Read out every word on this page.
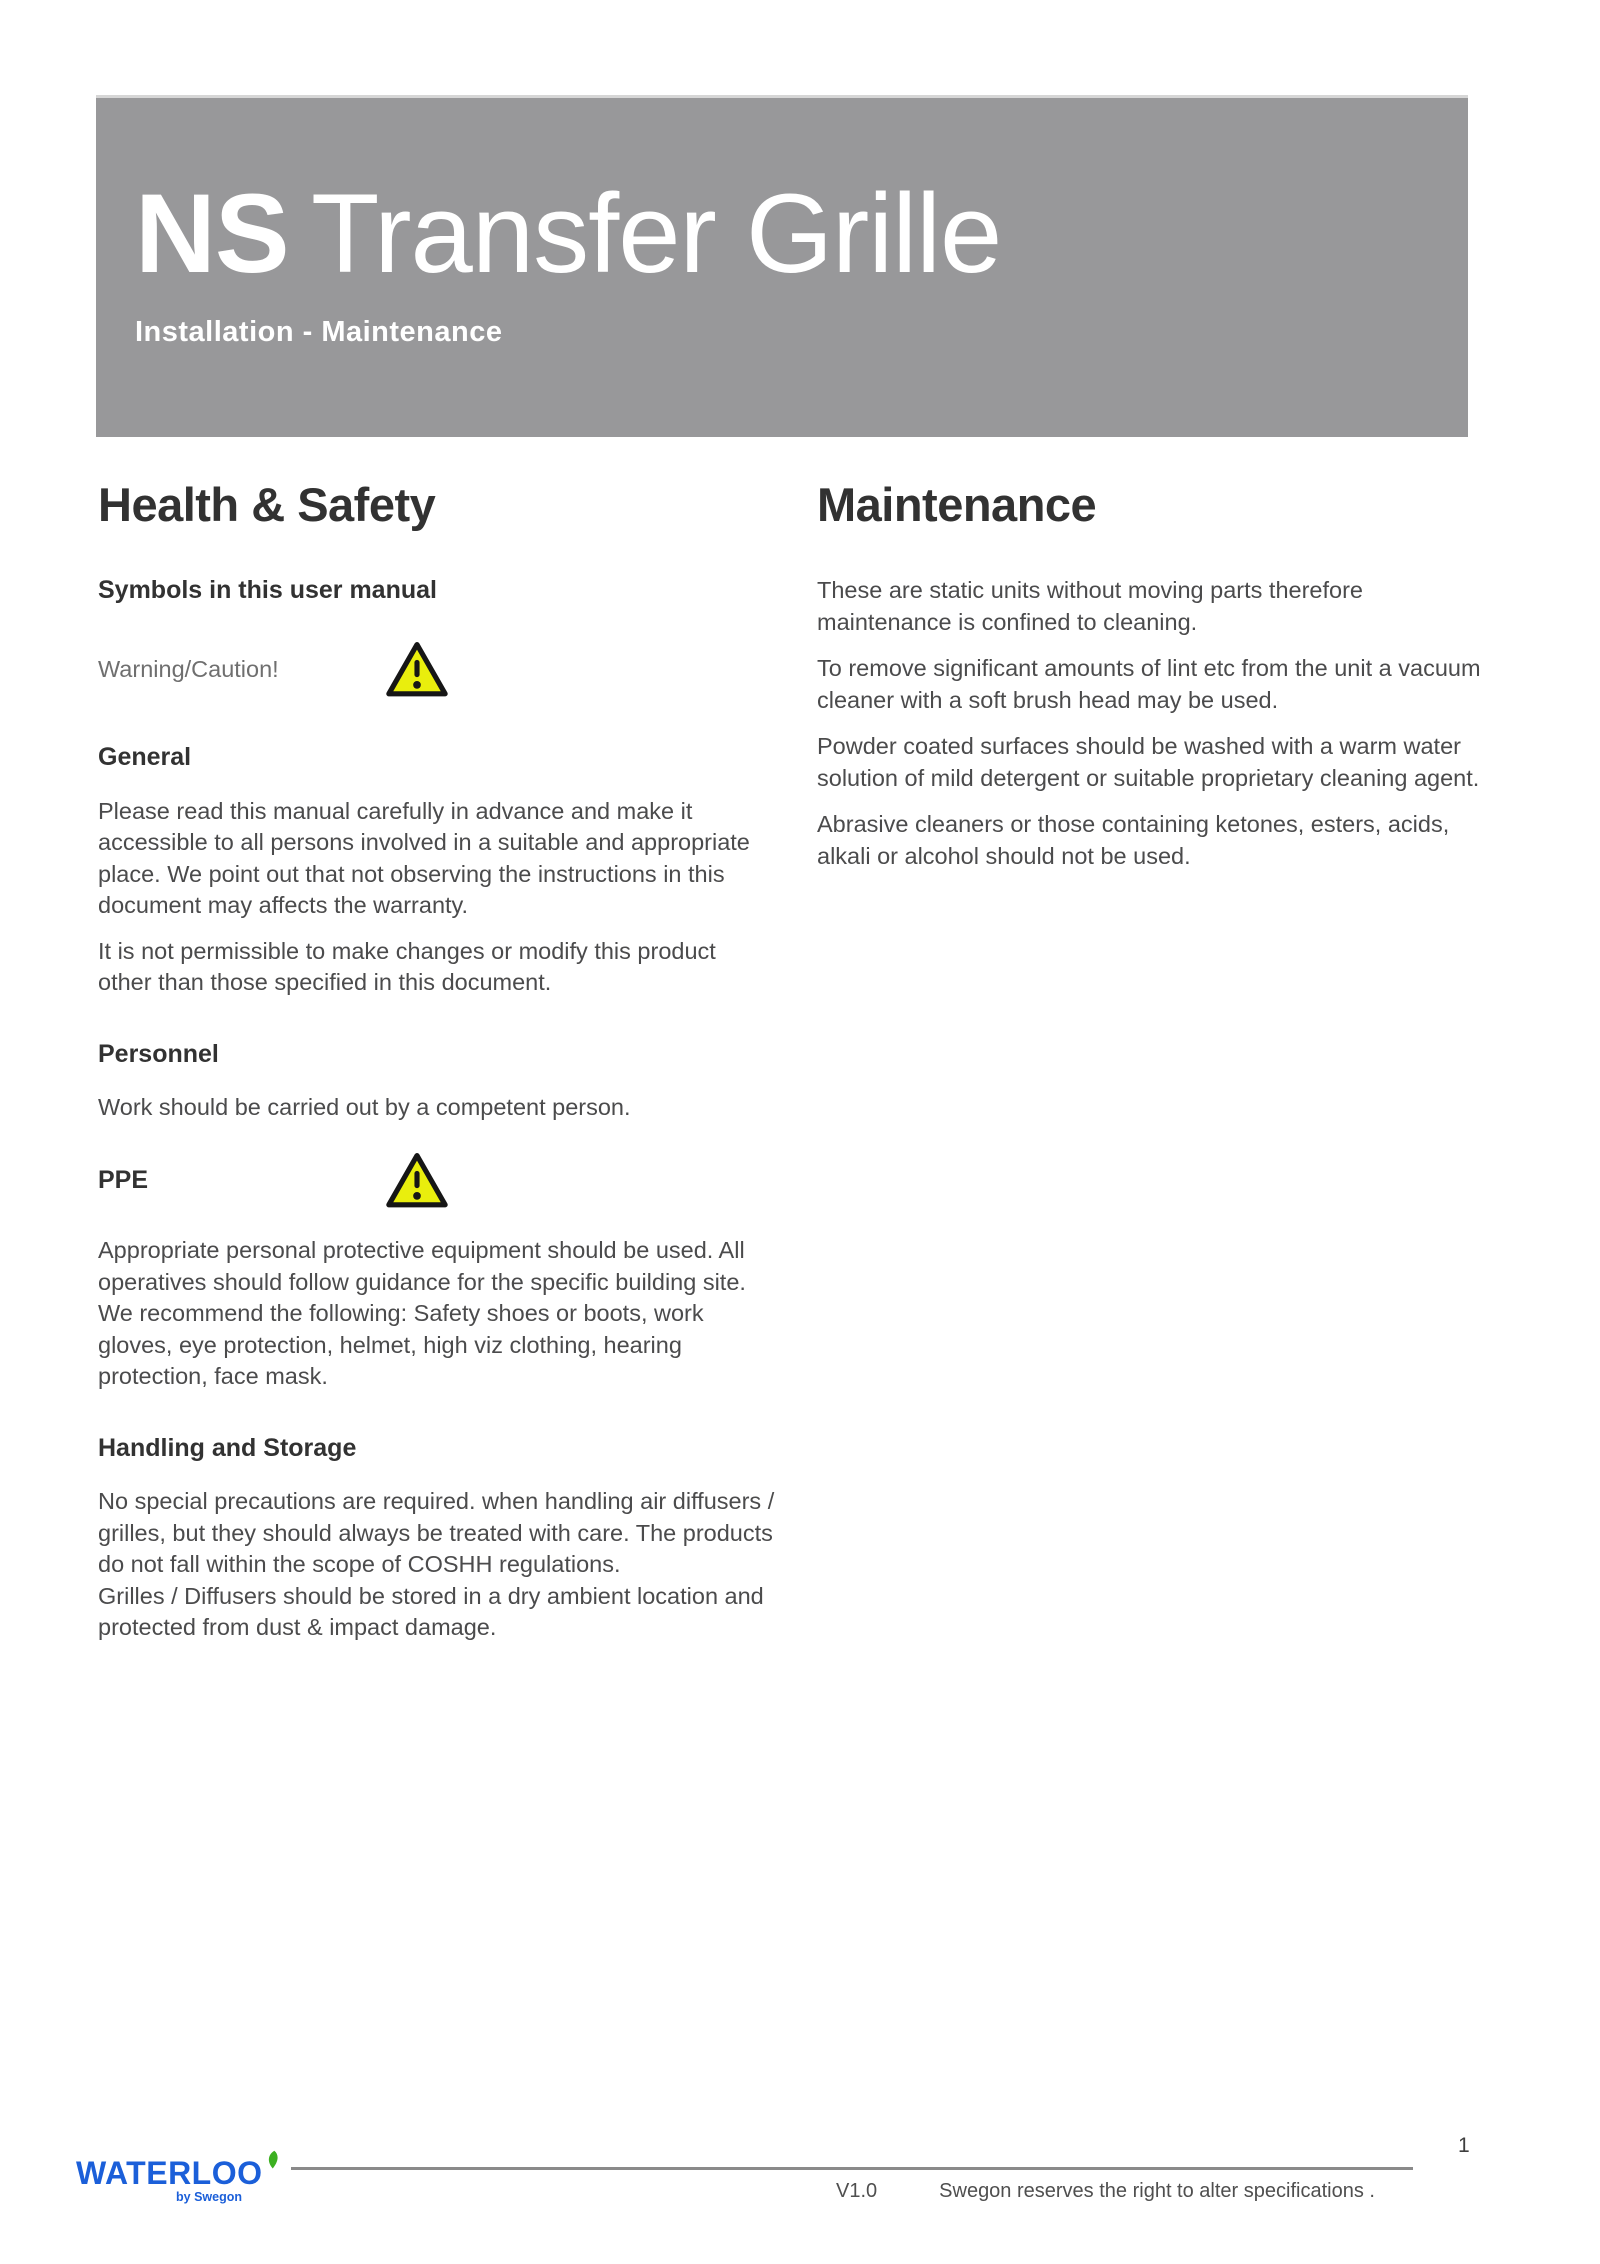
NS Transfer Grille
Installation - Maintenance
Health & Safety
Symbols in this user manual
Warning/Caution!
General

Please read this manual carefully in advance and make it accessible to all persons involved in a suitable and appropriate place. We point out that not observing the instructions in this document may affects the warranty.

It is not permissible to make changes or modify this product other than those specified in this document.

Personnel

Work should be carried out by a competent person.

PPE

Appropriate personal protective equipment should be used. All operatives should follow guidance for the specific building site. We recommend the following: Safety shoes or boots, work gloves, eye protection, helmet, high viz clothing, hearing protection, face mask.

Handling and Storage

No special precautions are required. when handling air diffusers / grilles, but they should always be treated with care. The products do not fall within the scope of COSHH regulations.

Grilles / Diffusers should be stored in a dry ambient location and protected from dust & impact damage.

Maintenance

These are static units without moving parts therefore maintenance is confined to cleaning.

To remove significant amounts of lint etc from the unit a vacuum cleaner with a soft brush head may be used.

Powder coated surfaces should be washed with a warm water solution of mild detergent or suitable proprietary cleaning agent.

Abrasive cleaners or those containing ketones, esters, acids, alkali or alcohol should not be used.

WATERLOO
by Swegon	V1.0	Swegon reserves the right to alter specifications .
1
